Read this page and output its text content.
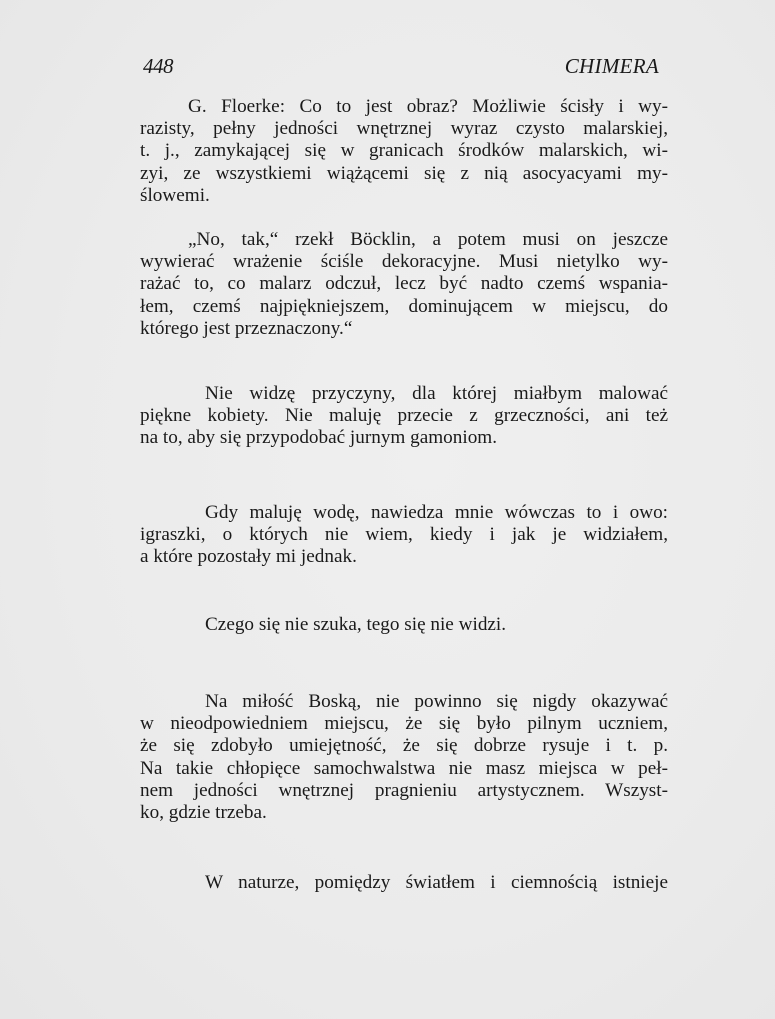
448	CHIMERA
G. Floerke: Co to jest obraz? Możliwie ścisły i wy-
razisty, pełny jedności wnętrznej wyraz czysto malarskiej,
t. j., zamykającej się w granicach środków malarskich, wi-
zyi, ze wszystkiemi wiążącemi się z nią asocyacyami my-
ślowemi.
„No, tak,“ rzekł Böcklin, a potem musi on jeszcze
wywierać wrażenie ściśle dekoracyjne. Musi nietylko wy-
rażać to, co malarz odczuł, lecz być nadto czemś wspania-
łem, czemś najpiękniejszem, dominującem w miejscu, do
którego jest przeznaczony.“
Nie widzę przyczyny, dla której miałbym malować
piękne kobiety. Nie maluję przecie z grzeczności, ani też
na to, aby się przypodobać jurnym gamoniom.
Gdy maluję wodę, nawiedza mnie wówczas to i owo:
igraszki, o których nie wiem, kiedy i jak je widziałem,
a które pozostały mi jednak.
Czego się nie szuka, tego się nie widzi.
Na miłość Boską, nie powinno się nigdy okazywać
w nieodpowiedniem miejscu, że się było pilnym uczniem,
że się zdobyło umiejętność, że się dobrze rysuje i t. p.
Na takie chłopięce samochwalstwa nie masz miejsca w peł-
nem jedności wnętrznej pragnieniu artystycznem. Wszyst-
ko, gdzie trzeba.
W naturze, pomiędzy światłem i ciemnością istnieje
